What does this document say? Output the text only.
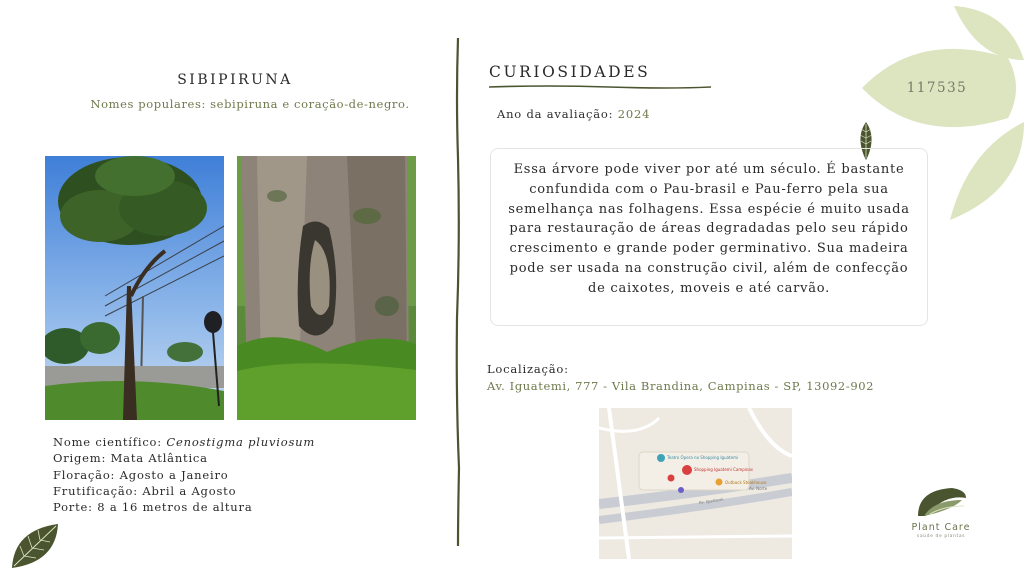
SIBIPIRUNA
Nomes populares: sebipiruna e coração-de-negro.
Nome científico: Cenostigma pluviosum
Origem: Mata Atlântica
Floração: Agosto a Janeiro
Frutificação: Abril a Agosto
Porte: 8 a 16 metros de altura
CURIOSIDADES
Ano da avaliação: 2024
Essa árvore pode viver por até um século. É bastante confundida com o Pau-brasil e Pau-ferro pela sua semelhança nas folhagens. Essa espécie é muito usada para restauração de áreas degradadas pelo seu rápido crescimento e grande poder germinativo. Sua madeira pode ser usada na construção civil, além de confecção de caixotes, moveis e até carvão.
Localização:
Av. Iguatemi, 777 - Vila Brandina, Campinas - SP, 13092-902
Teatro Ópera no Shopping Iguatemi
Shopping Iguatemi Campinas
Outback Steakhouse
Av. Iguatemi
Av. Norte
117535
Plant Care
saúde de plantas
